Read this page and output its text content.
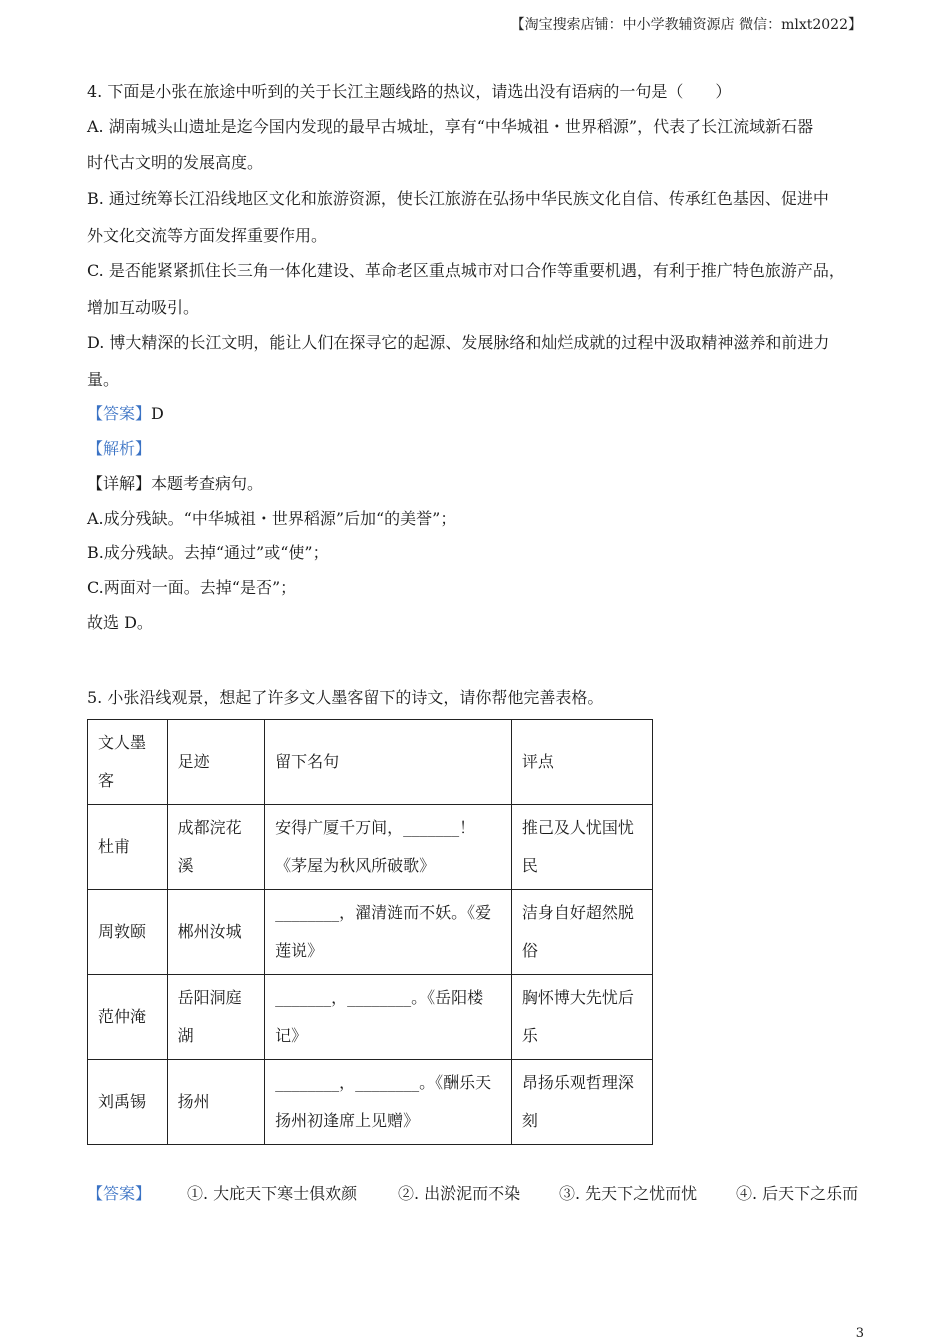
【淘宝搜索店铺：中小学教辅资源店 微信：mlxt2022】
4. 下面是小张在旅途中听到的关于长江主题线路的热议，请选出没有语病的一句是（　　）
A. 湖南城头山遗址是迄今国内发现的最早古城址，享有“中华城祖・世界稻源”，代表了长江流域新石器
时代古文明的发展高度。
B. 通过统筹长江沿线地区文化和旅游资源，使长江旅游在弘扬中华民族文化自信、传承红色基因、促进中
外文化交流等方面发挥重要作用。
C. 是否能紧紧抓住长三角一体化建设、革命老区重点城市对口合作等重要机遇，有利于推广特色旅游产品，
增加互动吸引。
D. 博大精深的长江文明，能让人们在探寻它的起源、发展脉络和灿烂成就的过程中汲取精神滋养和前进力
量。
【答案】D
【解析】
【详解】本题考查病句。
A.成分残缺。“中华城祖・世界稻源”后加“的美誉”；
B.成分残缺。去掉“通过”或“使”；
C.两面对一面。去掉“是否”；
故选 D。
5. 小张沿线观景，想起了许多文人墨客留下的诗文，请你帮他完善表格。
文人墨客	足迹	留下名句	评点
杜甫	成都浣花溪	安得广厦千万间，_______！《茅屋为秋风所破歌》	推己及人忧国忧民
周敦颐	郴州汝城	________，濯清涟而不妖。《爱莲说》	洁身自好超然脱俗
范仲淹	岳阳洞庭湖	_______，________。《岳阳楼记》	胸怀博大先忧后乐
刘禹锡	扬州	________，________。《酬乐天扬州初逢席上见赠》	昂扬乐观哲理深刻
【答案】 ①. 大庇天下寒士俱欢颜	②. 出淤泥而不染 ③. 先天下之忧而忧 ④. 后天下之乐而
3
